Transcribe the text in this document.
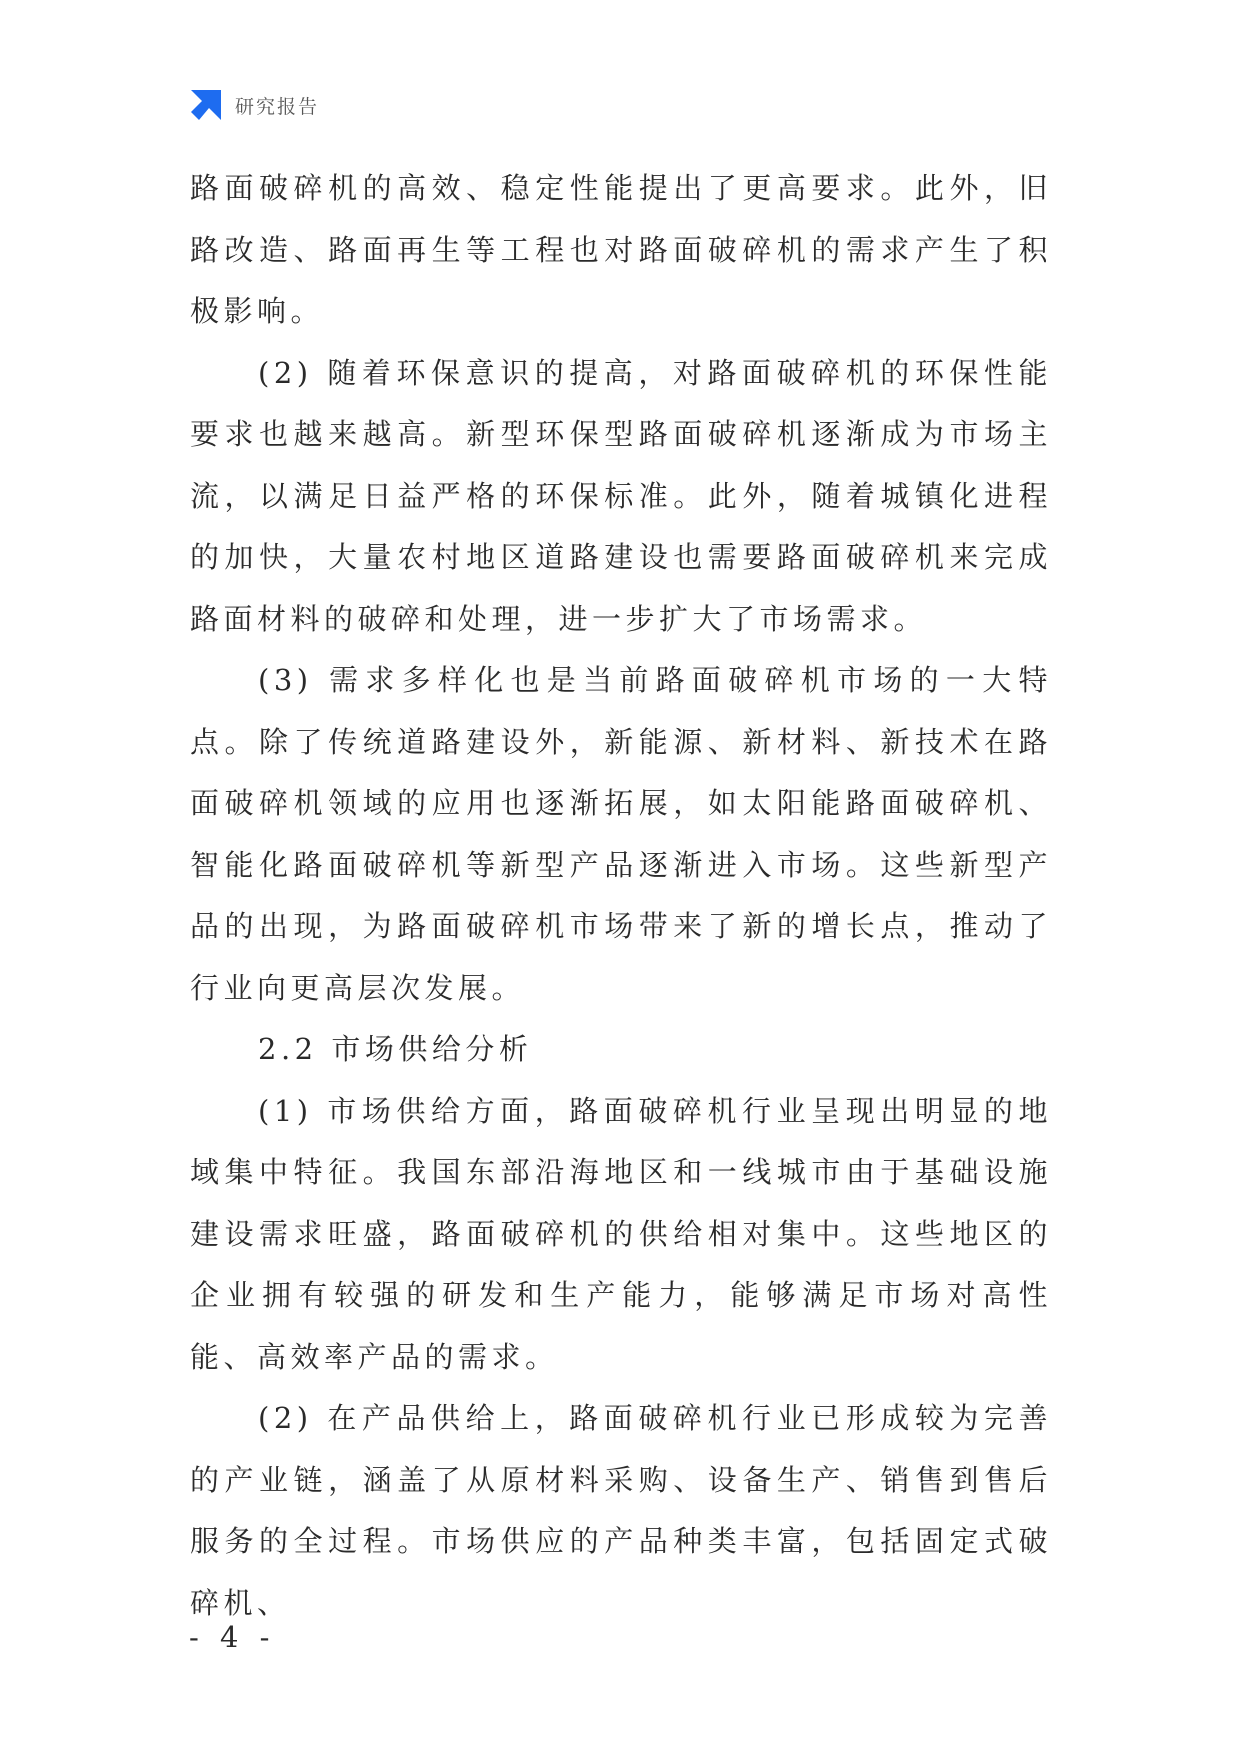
研究报告

路面破碎机的高效、稳定性能提出了更高要求。此外，旧路改造、路面再生等工程也对路面破碎机的需求产生了积极影响。

(2) 随着环保意识的提高，对路面破碎机的环保性能要求也越来越高。新型环保型路面破碎机逐渐成为市场主流，以满足日益严格的环保标准。此外，随着城镇化进程的加快，大量农村地区道路建设也需要路面破碎机来完成路面材料的破碎和处理，进一步扩大了市场需求。

(3) 需求多样化也是当前路面破碎机市场的一大特点。除了传统道路建设外，新能源、新材料、新技术在路面破碎机领域的应用也逐渐拓展，如太阳能路面破碎机、智能化路面破碎机等新型产品逐渐进入市场。这些新型产品的出现，为路面破碎机市场带来了新的增长点，推动了行业向更高层次发展。

2.2 市场供给分析

(1) 市场供给方面，路面破碎机行业呈现出明显的地域集中特征。我国东部沿海地区和一线城市由于基础设施建设需求旺盛，路面破碎机的供给相对集中。这些地区的企业拥有较强的研发和生产能力，能够满足市场对高性能、高效率产品的需求。

(2) 在产品供给上，路面破碎机行业已形成较为完善的产业链，涵盖了从原材料采购、设备生产、销售到售后服务的全过程。市场供应的产品种类丰富，包括固定式破碎机、

- 4 -
